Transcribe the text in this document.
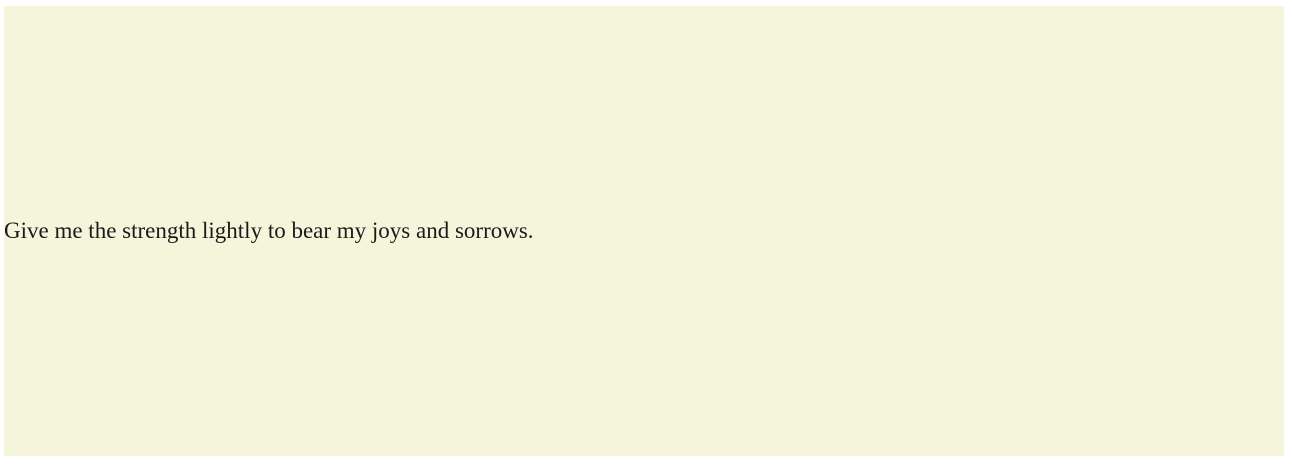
Give me the strength lightly to bear my joys and sorrows.
